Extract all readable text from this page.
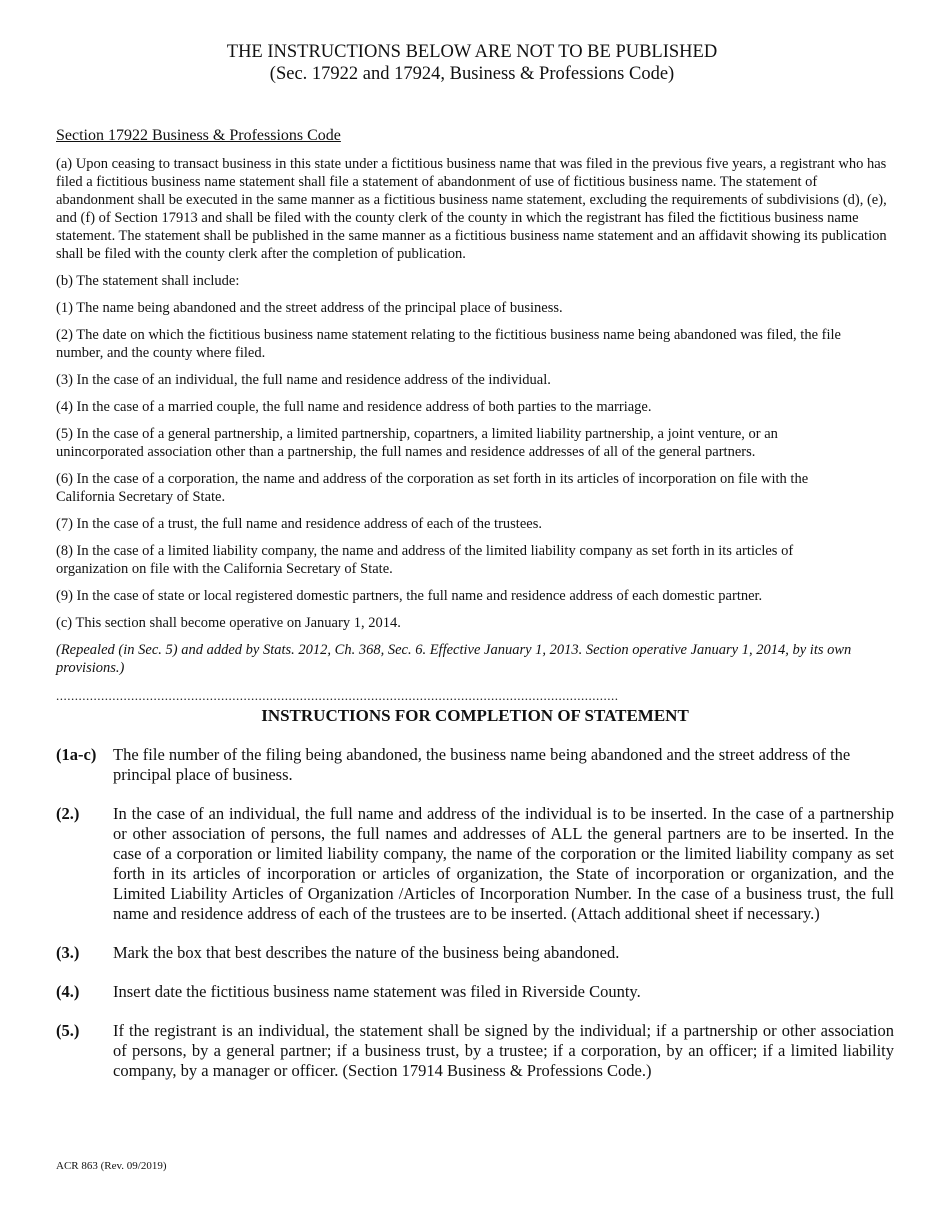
THE INSTRUCTIONS BELOW ARE NOT TO BE PUBLISHED
(Sec. 17922 and 17924, Business & Professions Code)
Section 17922 Business & Professions Code

(a) Upon ceasing to transact business in this state under a fictitious business name that was filed in the previous five years, a registrant who has filed a fictitious business name statement shall file a statement of abandonment of use of fictitious business name. The statement of abandonment shall be executed in the same manner as a fictitious business name statement, excluding the requirements of subdivisions (d), (e), and (f) of Section 17913 and shall be filed with the county clerk of the county in which the registrant has filed the fictitious business name statement. The statement shall be published in the same manner as a fictitious business name statement and an affidavit showing its publication shall be filed with the county clerk after the completion of publication.

(b) The statement shall include:

(1) The name being abandoned and the street address of the principal place of business.

(2) The date on which the fictitious business name statement relating to the fictitious business name being abandoned was filed, the file number, and the county where filed.

(3) In the case of an individual, the full name and residence address of the individual.

(4) In the case of a married couple, the full name and residence address of both parties to the marriage.

(5) In the case of a general partnership, a limited partnership, copartners, a limited liability partnership, a joint venture, or an unincorporated association other than a partnership, the full names and residence addresses of all of the general partners.

(6) In the case of a corporation, the name and address of the corporation as set forth in its articles of incorporation on file with the California Secretary of State.

(7) In the case of a trust, the full name and residence address of each of the trustees.

(8) In the case of a limited liability company, the name and address of the limited liability company as set forth in its articles of organization on file with the California Secretary of State.

(9) In the case of state or local registered domestic partners, the full name and residence address of each domestic partner.

(c) This section shall become operative on January 1, 2014.

(Repealed (in Sec. 5) and added by Stats. 2012, Ch. 368, Sec. 6. Effective January 1, 2013. Section operative January 1, 2014, by its own provisions.)

......................................................................................................................................................
INSTRUCTIONS FOR COMPLETION OF STATEMENT
(1a-c)	The file number of the filing being abandoned, the business name being abandoned and the street address of the principal place of business.
(2.)	In the case of an individual, the full name and address of the individual is to be inserted. In the case of a partnership or other association of persons, the full names and addresses of ALL the general partners are to be inserted. In the case of a corporation or limited liability company, the name of the corporation or the limited liability company as set forth in its articles of incorporation or articles of organization, the State of incorporation or organization, and the Limited Liability Articles of Organization /Articles of Incorporation Number. In the case of a business trust, the full name and residence address of each of the trustees are to be inserted. (Attach additional sheet if necessary.)
(3.)	Mark the box that best describes the nature of the business being abandoned.
(4.)	Insert date the fictitious business name statement was filed in Riverside County.
(5.)	If the registrant is an individual, the statement shall be signed by the individual; if a partnership or other association of persons, by a general partner; if a business trust, by a trustee; if a corporation, by an officer; if a limited liability company, by a manager or officer. (Section 17914 Business & Professions Code.)
ACR 863 (Rev. 09/2019)
